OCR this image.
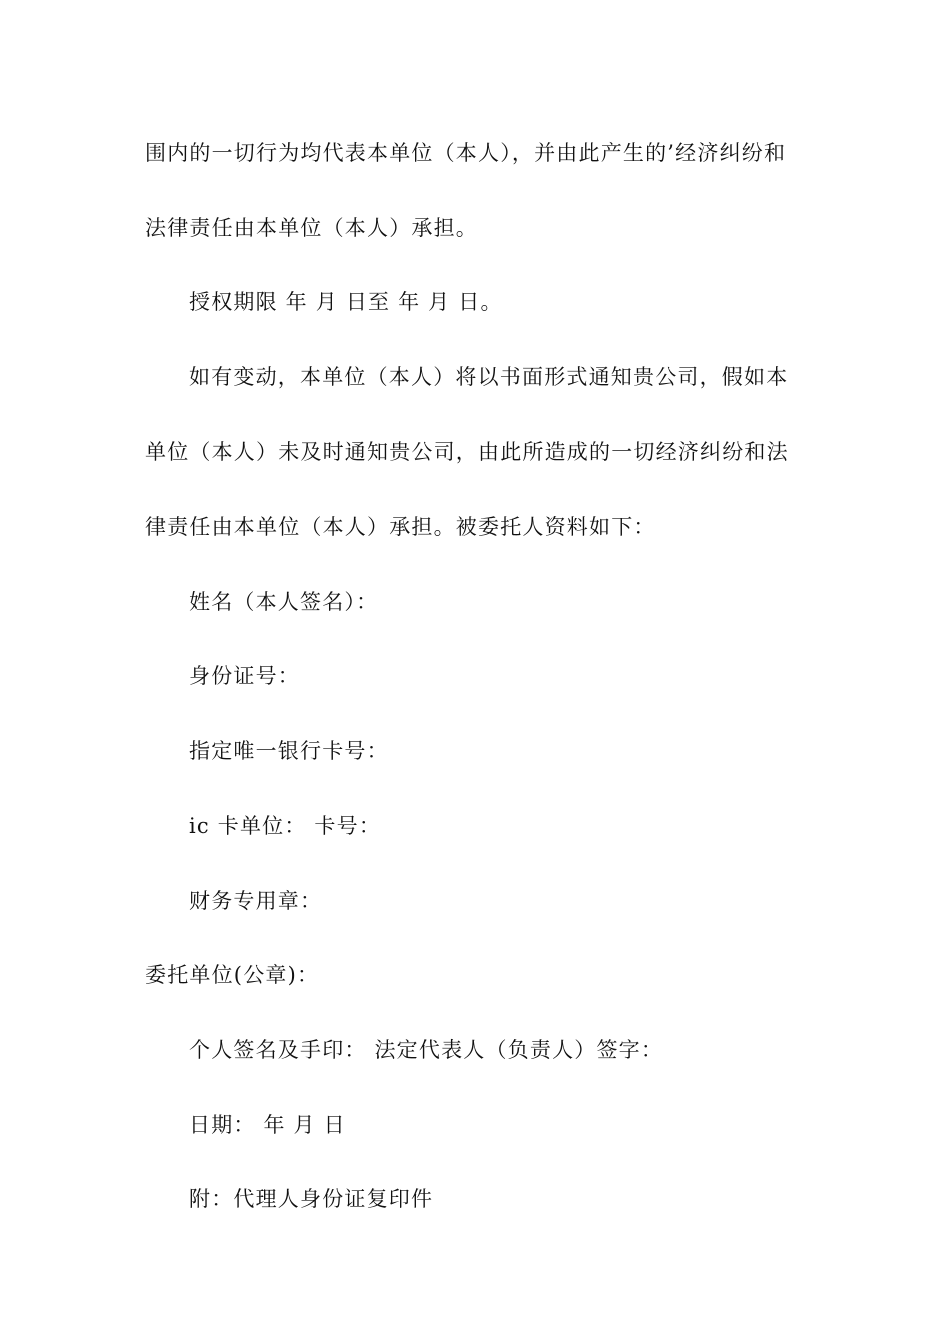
围内的一切行为均代表本单位（本人），并由此产生的’经济纠纷和
法律责任由本单位（本人）承担。
授权期限 年 月 日至 年 月 日。
如有变动，本单位（本人）将以书面形式通知贵公司，假如本
单位（本人）未及时通知贵公司，由此所造成的一切经济纠纷和法
律责任由本单位（本人）承担。被委托人资料如下：
姓名（本人签名）：
身份证号：
指定唯一银行卡号：
ic 卡单位： 卡号：
财务专用章：
委托单位(公章)：
个人签名及手印： 法定代表人（负责人）签字：
日期： 年 月 日
附：代理人身份证复印件
